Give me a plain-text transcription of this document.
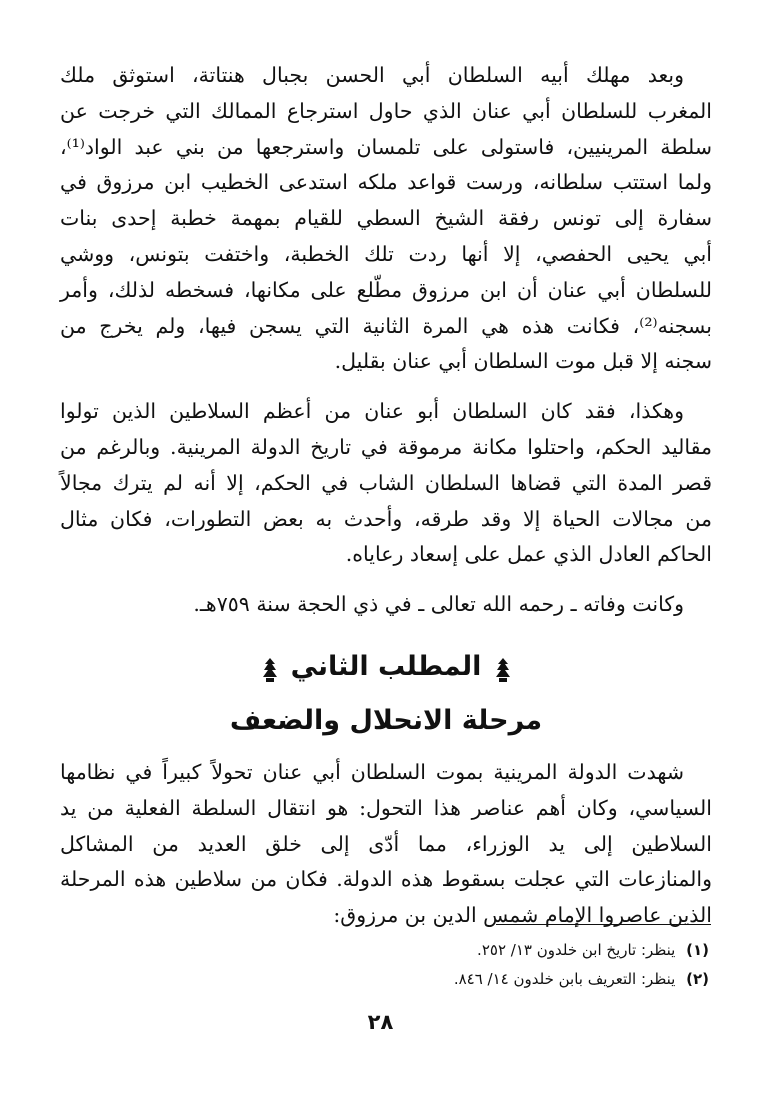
وبعد مهلك أبيه السلطان أبي الحسن بجبال هنتاتة، استوثق ملك
المغرب للسلطان أبي عنان الذي حاول استرجاع الممالك التي خرجت عن
سلطة المرينيين، فاستولى على تلمسان واسترجعها من بني عبد الواد⁽¹⁾،
ولما استتب سلطانه، ورست قواعد ملكه استدعى الخطيب ابن مرزوق في
سفارة إلى تونس رفقة الشيخ السطي للقيام بمهمة خطبة إحدى بنات
أبي يحيى الحفصي، إلا أنها ردت تلك الخطبة، واختفت بتونس، ووشي
للسلطان أبي عنان أن ابن مرزوق مطّلع على مكانها، فسخطه لذلك، وأمر
بسجنه⁽²⁾، فكانت هذه هي المرة الثانية التي يسجن فيها، ولم يخرج من
سجنه إلا قبل موت السلطان أبي عنان بقليل.
وهكذا، فقد كان السلطان أبو عنان من أعظم السلاطين الذين تولوا
مقاليد الحكم، واحتلوا مكانة مرموقة في تاريخ الدولة المرينية. وبالرغم من
قصر المدة التي قضاها السلطان الشاب في الحكم، إلا أنه لم يترك مجالاً
من مجالات الحياة إلا وقد طرقه، وأحدث به بعض التطورات، فكان مثال
الحاكم العادل الذي عمل على إسعاد رعاياه.
وكانت وفاته ـ رحمه الله تعالى ـ في ذي الحجة سنة ٧٥٩هـ.
المطلب الثاني
مرحلة الانحلال والضعف
شهدت الدولة المرينية بموت السلطان أبي عنان تحولاً كبيراً في نظامها
السياسي، وكان أهم عناصر هذا التحول: هو انتقال السلطة الفعلية من يد
السلاطين إلى يد الوزراء، مما أدّى إلى خلق العديد من المشاكل
والمنازعات التي عجلت بسقوط هذه الدولة. فكان من سلاطين هذه المرحلة
الذين عاصروا الإمام شمس الدين بن مرزوق:
(١) ينظر: تاريخ ابن خلدون ١٣/ ٢٥٢.
(٢) ينظر: التعريف بابن خلدون ١٤/ ٨٤٦.
٢٨
